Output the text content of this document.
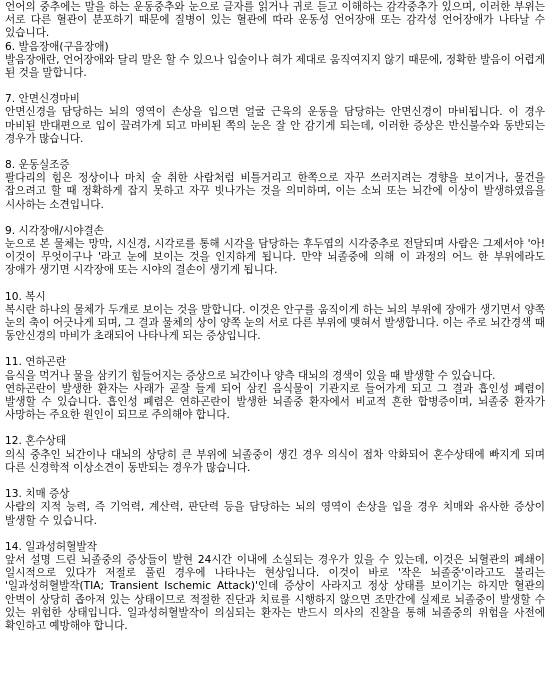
언어의 중추에는 말을 하는 운동중추와 눈으로 글자를 읽거나 귀로 듣고 이해하는 감각중추가 있으며, 이러한 부위는 서로 다른 혈관이 분포하기 때문에 질병이 있는 혈관에 따라 운동성 언어장애 또는 감각성 언어장애가 나타날 수 있습니다.

6. 발음장애(구음장애)

발음장애란, 언어장애와 달리 말은 할 수 있으나 입술이나 혀가 제대로 움직여지지 않기 때문에, 정확한 발음이 어렵게 된 것을 말합니다.

7. 안면신경마비

안면신경을 담당하는 뇌의 영역이 손상을 입으면 얼굴 근육의 운동을 담당하는 안면신경이 마비됩니다. 이 경우 마비된 반대편으로 입이 끌려가게 되고 마비된 쪽의 눈은 잘 안 감기게 되는데, 이러한 증상은 반신불수와 동반되는 경우가 많습니다.

8. 운동실조증

팔다리의 힘은 정상이나 마치 술 취한 사람처럼 비틀거리고 한쪽으로 자꾸 쓰러지려는 경향을 보이거나, 물건을 잡으려고 할 때 정확하게 잡지 못하고 자꾸 빗나가는 것을 의미하며, 이는 소뇌 또는 뇌간에 이상이 발생하였음을 시사하는 소견입니다.

9. 시각장애/시야결손

눈으로 본 물체는 망막, 시신경, 시각로를 통해 시각을 담당하는 후두엽의 시각중추로 전달되며 사람은 그제서야 '아! 이것이 무엇이구나 '라고 눈에 보이는 것을 인지하게 됩니다. 만약 뇌졸중에 의해 이 과정의 어느 한 부위에라도 장애가 생기면 시각장애 또는 시야의 결손이 생기게 됩니다.

10. 복시

복시란 하나의 물체가 두개로 보이는 것을 말합니다. 이것은 안구를 움직이게 하는 뇌의 부위에 장애가 생기면서 양쪽 눈의 축이 어긋나게 되며, 그 결과 물체의 상이 양쪽 눈의 서로 다른 부위에 맺혀서 발생합니다. 이는 주로 뇌간경색 때 동안신경의 마비가 초래되어 나타나게 되는 증상입니다.

11. 연하곤란

음식을 먹거나 물을 삼키기 힘들어지는 증상으로 뇌간이나 양측 대뇌의 경색이 있을 때 발생할 수 있습니다.

연하곤란이 발생한 환자는 사래가 곧잘 들게 되어 삼킨 음식물이 기관지로 들어가게 되고 그 결과 흡인성 폐렴이 발생할 수 있습니다. 흡인성 폐렴은 연하곤란이 발생한 뇌졸중 환자에서 비교적 흔한 합병증이며, 뇌졸중 환자가 사망하는 주요한 원인이 되므로 주의해야 합니다.

12. 혼수상태

의식 중추인 뇌간이나 대뇌의 상당히 큰 부위에 뇌졸중이 생긴 경우 의식이 점차 악화되어 혼수상태에 빠지게 되며 다른 신경학적 이상소견이 동반되는 경우가 많습니다.

13. 치매 증상

사람의 지적 능력, 즉 기억력, 계산력, 판단력 등을 담당하는 뇌의 영역이 손상을 입을 경우 치매와 유사한 증상이 발생할 수 있습니다.

14. 일과성허혈발작

앞서 설명 드린 뇌졸중의 증상들이 발현 24시간 이내에 소실되는 경우가 있을 수 있는데, 이것은 뇌혈관의 폐쇄이 일시적으로 있다가 저절로 풀린 경우에 나타나는 현상입니다. 이것이 바로 '작은 뇌졸중'이라고도 불리는 '일과성허혈발작(TIA; Transient Ischemic Attack)'인데 증상이 사라지고 정상 상태를 보이기는 하지만 혈관의 안벽이 상당히 좁아져 있는 상태이므로 적절한 진단과 치료를 시행하지 않으면 조만간에 실제로 뇌졸중이 발생할 수 있는 위험한 상태입니다. 일과성허혈발작이 의심되는 환자는 반드시 의사의 진찰을 통해 뇌졸중의 위험을 사전에 확인하고 예방해야 합니다.
